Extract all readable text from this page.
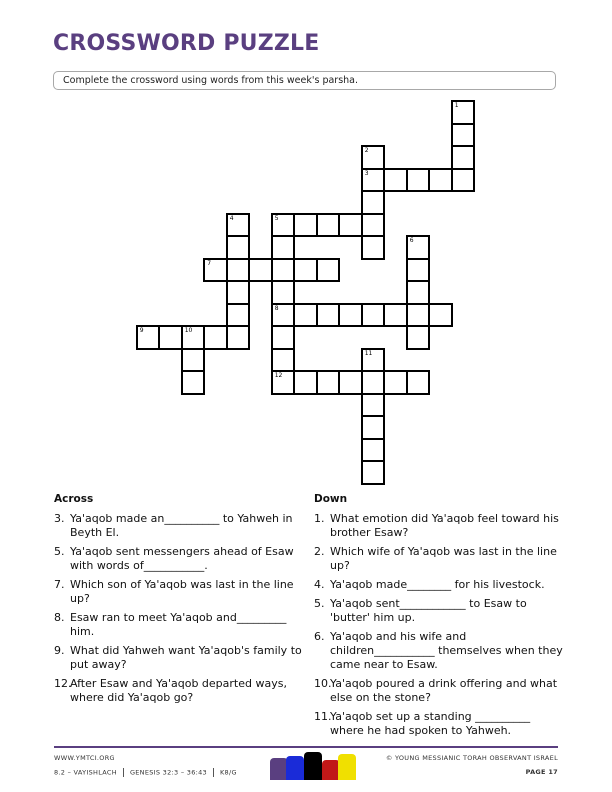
CROSSWORD PUZZLE
Complete the crossword using words from this week's parsha.
1
2
3
4	5
8
12
6
7
9	10
11
Across
3. Ya'aqob made an__________ to Yahweh in Beyth El.
5. Ya'aqob sent messengers ahead of Esaw with words of___________.
7. Which son of Ya'aqob was last in the line up?
8. Esaw ran to meet Ya'aqob and_________ him.
9. What did Yahweh want Ya'aqob's family to put away?
12.
After Esaw and Ya'aqob departed ways, where did Ya'aqob go?
Down
1. What emotion did Ya'aqob feel toward his brother Esaw?
2. Which wife of Ya'aqob was last in the line up?
4. Ya'aqob made________ for his livestock.
5. Ya'aqob sent____________ to Esaw to 'butter' him up.
6. Ya'aqob and his wife and children___________ themselves when they came near to Esaw.
10.
Ya'aqob poured a drink offering and what else on the stone?
11.
Ya'aqob set up a standing __________ where he had spoken to Yahweh.
WWW.YMTCI.ORG
8.2 – VAYISHLACH GENESIS 32:3 – 36:43 K8/G
© YOUNG MESSIANIC TORAH OBSERVANT ISRAEL
PAGE 17
